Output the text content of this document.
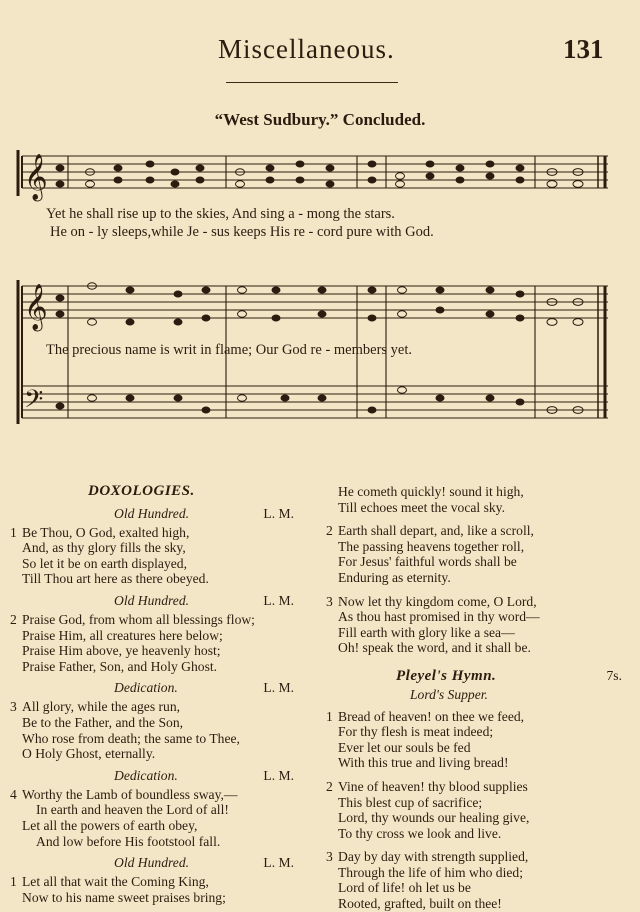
Miscellaneous.	131
“West Sudbury.” Concluded.
𝄞
𝄞
𝄢
Yet he shall rise up to the skies, And sing a - mong the stars.
He on - ly sleeps,while Je - sus keeps His re - cord pure with God.
The precious name is writ in flame; Our God re - members yet.
DOXOLOGIES.
Old Hundred.	L. M.
1 Be Thou, O God, exalted high,
And, as thy glory fills the sky,
So let it be on earth displayed,
Till Thou art here as there obeyed.
Old Hundred.	L. M.
2 Praise God, from whom all blessings flow;
Praise Him, all creatures here below;
Praise Him above, ye heavenly host;
Praise Father, Son, and Holy Ghost.
Dedication.	L. M.
3 All glory, while the ages run,
Be to the Father, and the Son,
Who rose from death; the same to Thee,
O Holy Ghost, eternally.
Dedication.	L. M.
4 Worthy the Lamb of boundless sway,—
In earth and heaven the Lord of all!
Let all the powers of earth obey,
And low before His footstool fall.
Old Hundred.	L. M.
1 Let all that wait the Coming King,
Now to his name sweet praises bring;
He cometh quickly! sound it high,
Till echoes meet the vocal sky.
2 Earth shall depart, and, like a scroll,
The passing heavens together roll,
For Jesus' faithful words shall be
Enduring as eternity.
3 Now let thy kingdom come, O Lord,
As thou hast promised in thy word—
Fill earth with glory like a sea—
Oh! speak the word, and it shall be.
Pleyel's Hymn.	7s.
Lord's Supper.
1 Bread of heaven! on thee we feed,
For thy flesh is meat indeed;
Ever let our souls be fed
With this true and living bread!
2 Vine of heaven! thy blood supplies
This blest cup of sacrifice;
Lord, thy wounds our healing give,
To thy cross we look and live.
3 Day by day with strength supplied,
Through the life of him who died;
Lord of life! oh let us be
Rooted, grafted, built on thee!
